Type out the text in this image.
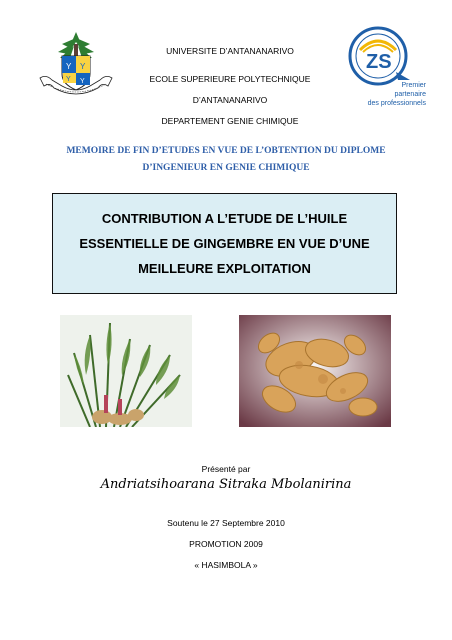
Y Y
Y Y
UNIVERSITE D’ANTANANARIVO
ECOLE SUPERIEURE POLYTECHNIQUE
D’ANTANANARIVO
DEPARTEMENT GENIE CHIMIQUE
ZS
Premier
partenaire
des professionnels
MEMOIRE DE FIN D’ETUDES EN VUE DE L’OBTENTION DU DIPLOME
D’INGENIEUR EN GENIE CHIMIQUE
CONTRIBUTION A L’ETUDE DE L’HUILE
ESSENTIELLE DE GINGEMBRE EN VUE D’UNE
MEILLEURE EXPLOITATION
Présenté par
Andriatsihoarana Sitraka Mbolanirina
Soutenu le 27 Septembre 2010
PROMOTION 2009
« HASIMBOLA »
